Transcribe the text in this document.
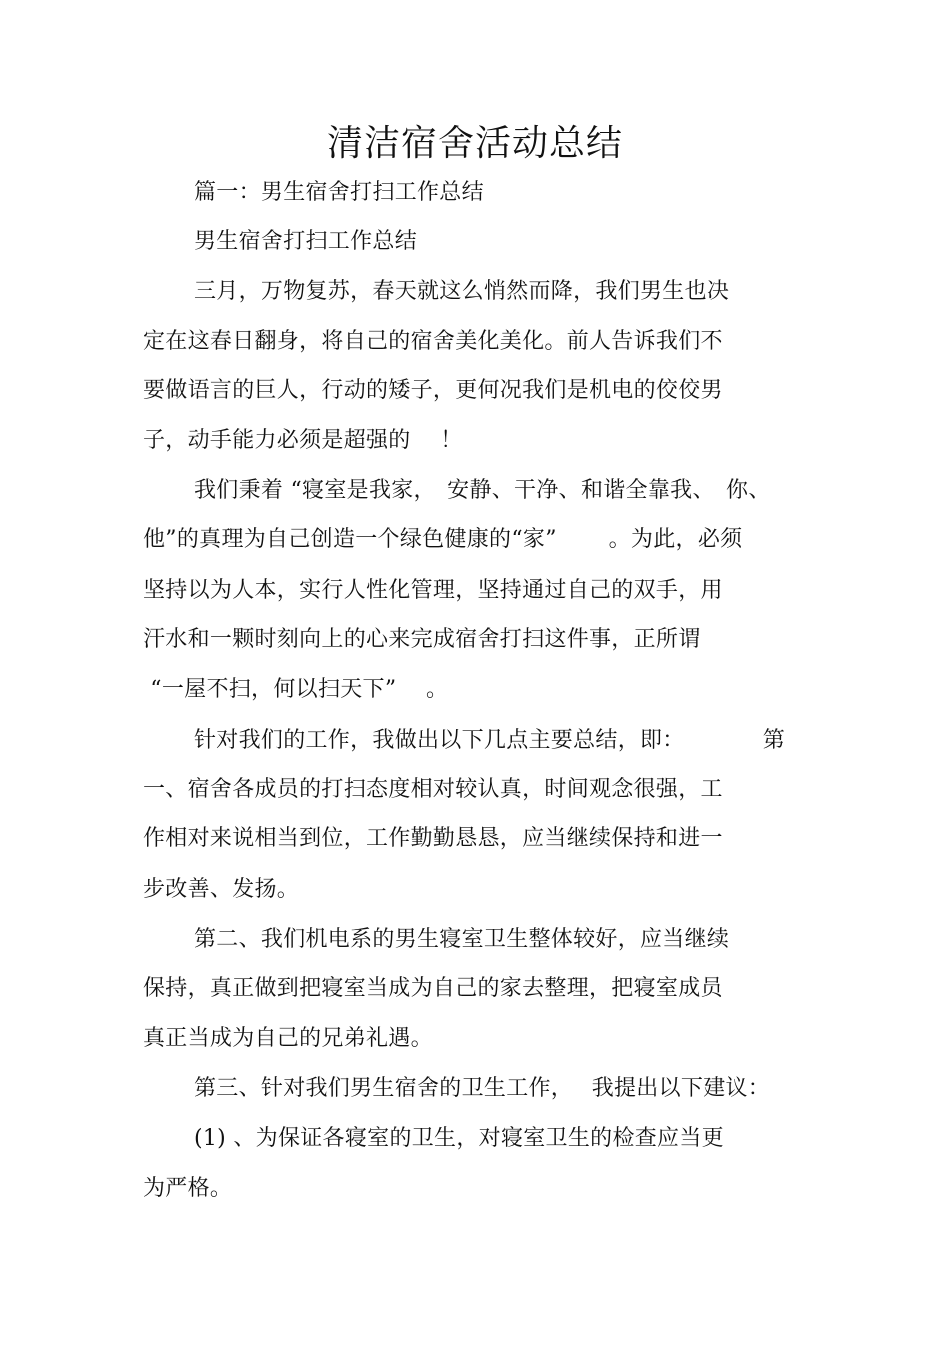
清洁宿舍活动总结
篇一：男生宿舍打扫工作总结
男生宿舍打扫工作总结
三月，万物复苏，春天就这么悄然而降，我们男生也决
定在这春日翻身，将自己的宿舍美化美化。前人告诉我们不
要做语言的巨人，行动的矮子，更何况我们是机电的佼佼男
子，动手能力必须是超强的　 ！
我们秉着 “寝室是我家，　安静、干净、和谐全靠我、　你、
他”的真理为自己创造一个绿色健康的“家”　　 。为此，必须
坚持以为人本，实行人性化管理，坚持通过自己的双手，用
汗水和一颗时刻向上的心来完成宿舍打扫这件事，正所谓
“一屋不扫，何以扫天下”　 。
针对我们的工作，我做出以下几点主要总结，即：　　　　第
一、宿舍各成员的打扫态度相对较认真，时间观念很强，工
作相对来说相当到位，工作勤勤恳恳，应当继续保持和进一
步改善、发扬。
第二、我们机电系的男生寝室卫生整体较好，应当继续
保持，真正做到把寝室当成为自己的家去整理，把寝室成员
真正当成为自己的兄弟礼遇。
第三、针对我们男生宿舍的卫生工作，　 我提出以下建议：
(1) 、为保证各寝室的卫生，对寝室卫生的检查应当更
为严格。
